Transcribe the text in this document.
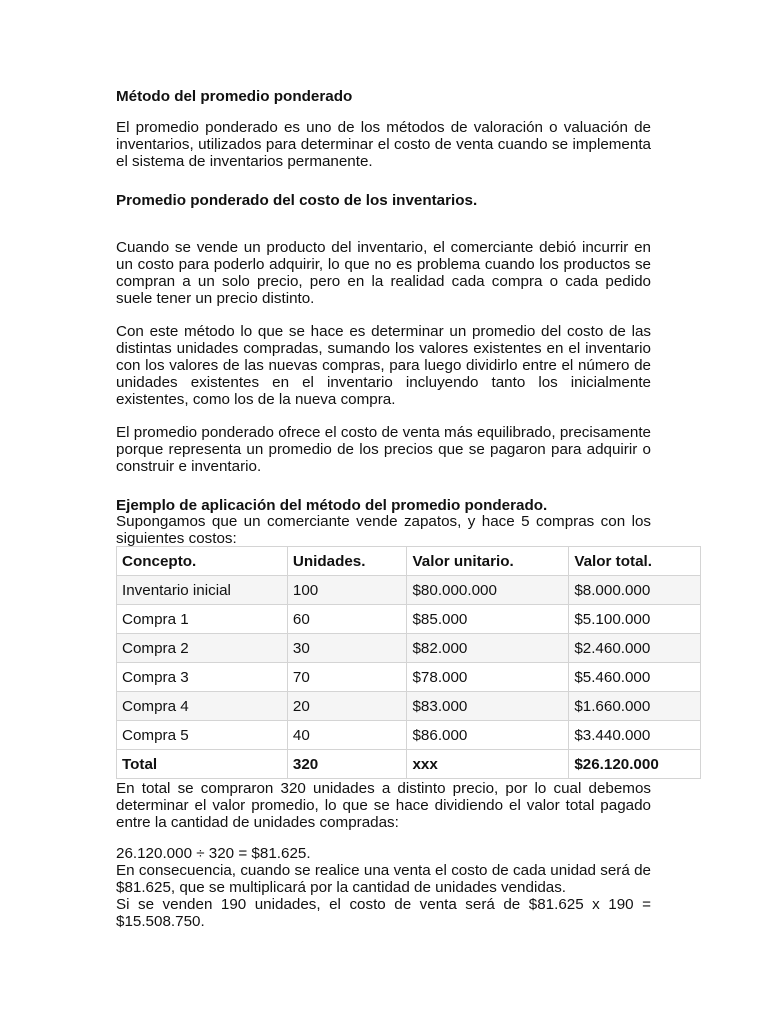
Método del promedio ponderado
El promedio ponderado es uno de los métodos de valoración o valuación de inventarios, utilizados para determinar el costo de venta cuando se implementa el sistema de inventarios permanente.
Promedio ponderado del costo de los inventarios.
Cuando se vende un producto del inventario, el comerciante debió incurrir en un costo para poderlo adquirir, lo que no es problema cuando los productos se compran a un solo precio, pero en la realidad cada compra o cada pedido suele tener un precio distinto.
Con este método lo que se hace es determinar un promedio del costo de las distintas unidades compradas, sumando los valores existentes en el inventario con los valores de las nuevas compras, para luego dividirlo entre el número de unidades existentes en el inventario incluyendo tanto los inicialmente existentes, como los de la nueva compra.
El promedio ponderado ofrece el costo de venta más equilibrado, precisamente porque representa un promedio de los precios que se pagaron para adquirir o construir e inventario.
Ejemplo de aplicación del método del promedio ponderado.
Supongamos que un comerciante vende zapatos, y hace 5 compras con los siguientes costos:
Concepto.	Unidades.	Valor unitario.	Valor total.
Inventario inicial	100	$80.000.000	$8.000.000
Compra 1	60	$85.000	$5.100.000
Compra 2	30	$82.000	$2.460.000
Compra 3	70	$78.000	$5.460.000
Compra 4	20	$83.000	$1.660.000
Compra 5	40	$86.000	$3.440.000
Total	320	xxx	$26.120.000
En total se compraron 320 unidades a distinto precio, por lo cual debemos determinar el valor promedio, lo que se hace dividiendo el valor total pagado entre la cantidad de unidades compradas:
26.120.000 ÷ 320 = $81.625.
En consecuencia, cuando se realice una venta el costo de cada unidad será de $81.625, que se multiplicará por la cantidad de unidades vendidas.
Si se venden 190 unidades, el costo de venta será de $81.625 x 190 = $15.508.750.
